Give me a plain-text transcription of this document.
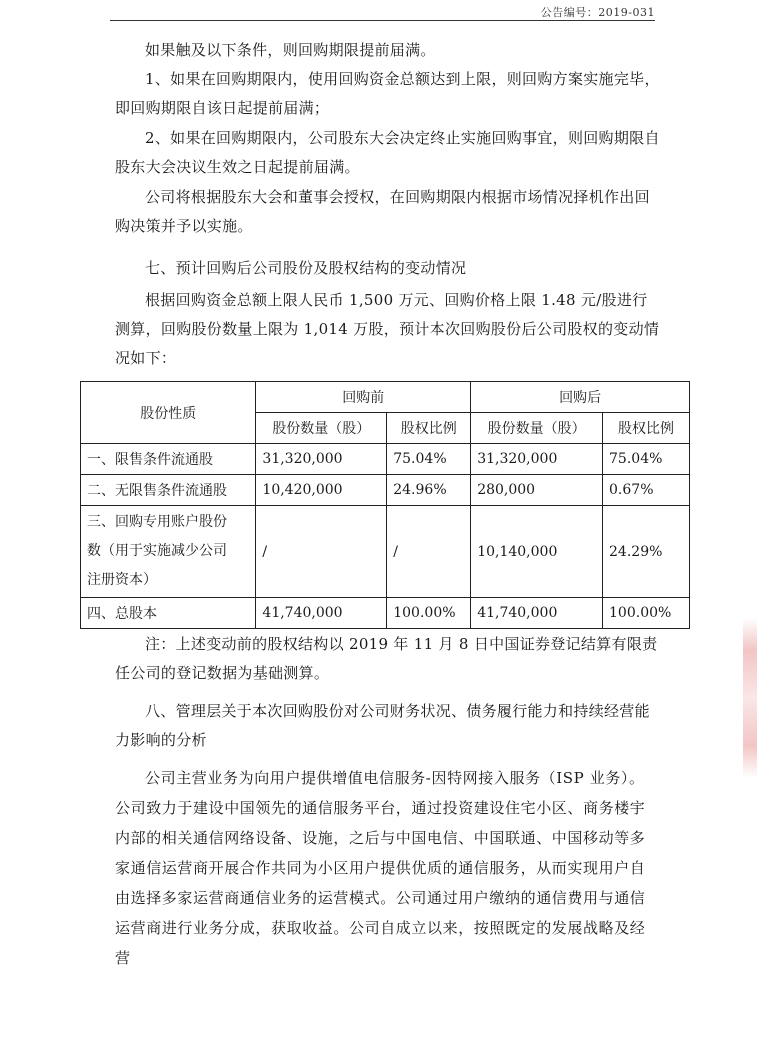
公告编号：2019-031

如果触及以下条件，则回购期限提前届满。

1、如果在回购期限内，使用回购资金总额达到上限，则回购方案实施完毕，即回购期限自该日起提前届满；

2、如果在回购期限内，公司股东大会决定终止实施回购事宜，则回购期限自股东大会决议生效之日起提前届满。

公司将根据股东大会和董事会授权，在回购期限内根据市场情况择机作出回购决策并予以实施。

七、预计回购后公司股份及股权结构的变动情况

根据回购资金总额上限人民币 1,500 万元、回购价格上限 1.48 元/股进行测算，回购股份数量上限为 1,014 万股，预计本次回购股份后公司股权的变动情况如下：

股份性质	回购前		回购后	
	股份数量（股）	股权比例	股份数量（股）	股权比例
一、限售条件流通股	31,320,000	75.04%	31,320,000	75.04%
二、无限售条件流通股	10,420,000	24.96%	280,000	0.67%

三、回购专用账户股份
数（用于实施减少公司
注册资本）	/	/	10,140,000	24.29%
四、总股本	41,740,000	100.00%	41,740,000	100.00%

注：上述变动前的股权结构以 2019 年 11 月 8 日中国证券登记结算有限责任公司的登记数据为基础测算。

八、管理层关于本次回购股份对公司财务状况、债务履行能力和持续经营能力影响的分析

公司主营业务为向用户提供增值电信服务-因特网接入服务（ISP 业务）。公司致力于建设中国领先的通信服务平台，通过投资建设住宅小区、商务楼宇内部的相关通信网络设备、设施，之后与中国电信、中国联通、中国移动等多家通信运营商开展合作共同为小区用户提供优质的通信服务，从而实现用户自由选择多家运营商通信业务的运营模式。公司通过用户缴纳的通信费用与通信运营商进行业务分成，获取收益。公司自成立以来，按照既定的发展战略及经营
